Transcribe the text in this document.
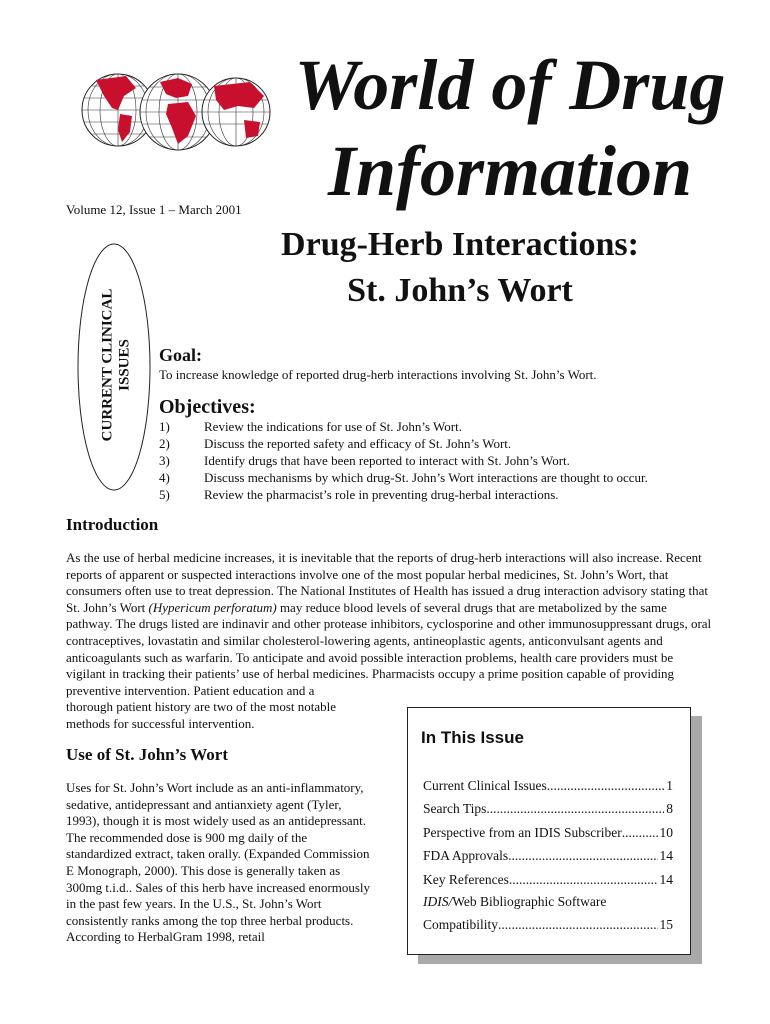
World of Drug
Information
Volume 12, Issue 1 – March 2001
Drug-Herb Interactions:
St. John’s Wort
CURRENT CLINICAL ISSUES Goal:
To increase knowledge of reported drug-herb interactions involving St. John’s Wort.
Objectives:
1)	Review the indications for use of St. John’s Wort.
2)	Discuss the reported safety and efficacy of St. John’s Wort.
3)	Identify drugs that have been reported to interact with St. John’s Wort.
4)	Discuss mechanisms by which drug-St. John’s Wort interactions are thought to occur.
5)	Review the pharmacist’s role in preventing drug-herbal interactions.
Introduction

As the use of herbal medicine increases, it is inevitable that the reports of drug-herb interactions will also increase. Recent reports of apparent or suspected interactions involve one of the most popular herbal medicines, St. John’s Wort, that consumers often use to treat depression. The National Institutes of Health has issued a drug interaction advisory stating that St. John’s Wort (Hypericum perforatum) may reduce blood levels of several drugs that are metabolized by the same pathway. The drugs listed are indinavir and other protease inhibitors, cyclosporine and other immunosuppressant drugs, oral contraceptives, lovastatin and similar cholesterol-lowering agents, antineoplastic agents, anticonvulsant agents and anticoagulants such as warfarin. To anticipate and avoid possible interaction problems, health care providers must be vigilant in tracking their patients’ use of herbal medicines. Pharmacists occupy a prime position capable of providing preventive intervention. Patient education and a

thorough patient history are two of the most notable
methods for successful intervention.
Use of St. John’s Wort

Uses for St. John’s Wort include as an anti-inflammatory, sedative, antidepressant and antianxiety agent (Tyler, 1993), though it is most widely used as an antidepressant. The recommended dose is 900 mg daily of the standardized extract, taken orally. (Expanded Commission E Monograph, 2000). This dose is generally taken as 300mg t.i.d.. Sales of this herb have increased enormously in the past few years. In the U.S., St. John’s Wort consistently ranks among the top three herbal products. According to HerbalGram 1998, retail

In This Issue
Current Clinical Issues .....	1
Search Tips .....	8
Perspective from an IDIS Subscriber .....	10
FDA Approvals .....	14
Key References .....	14
IDIS/ Web Bibliographic Software
Compatibility .....	15
